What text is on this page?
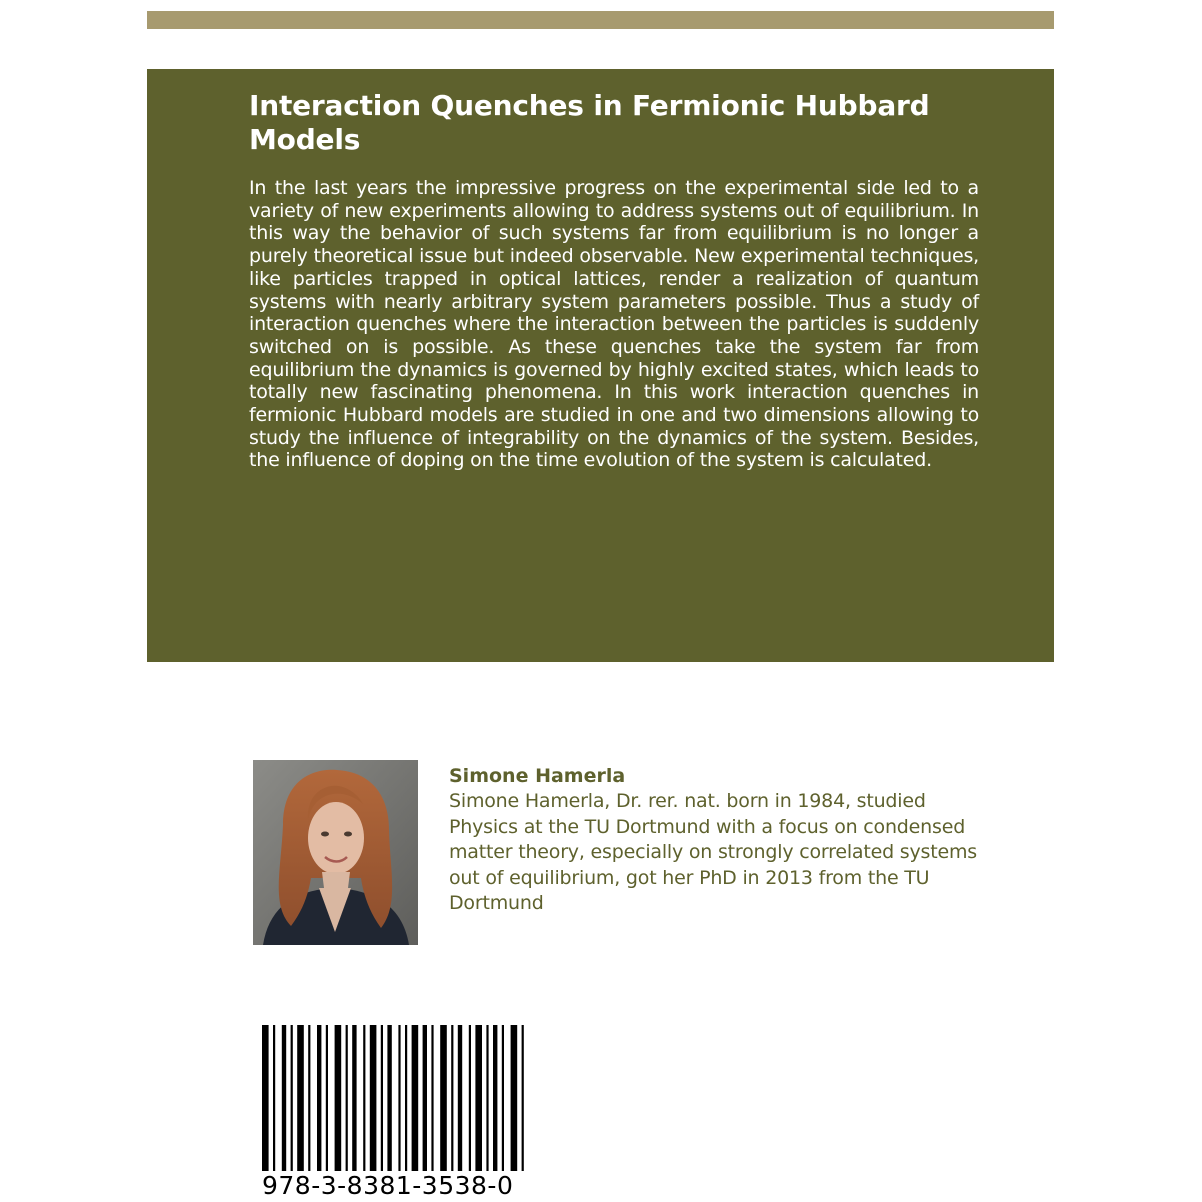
Interaction Quenches in Fermionic Hubbard Models

In the last years the impressive progress on the experimental side led to a variety of new experiments allowing to address systems out of equilibrium. In this way the behavior of such systems far from equilibrium is no longer a purely theoretical issue but indeed observable. New experimental techniques, like particles trapped in optical lattices, render a realization of quantum systems with nearly arbitrary system parameters possible. Thus a study of interaction quenches where the interaction between the particles is suddenly switched on is possible. As these quenches take the system far from equilibrium the dynamics is governed by highly excited states, which leads to totally new fascinating phenomena. In this work interaction quenches in fermionic Hubbard models are studied in one and two dimensions allowing to study the influence of integrability on the dynamics of the system. Besides, the influence of doping on the time evolution of the system is calculated.

Simone Hamerla

Simone Hamerla, Dr. rer. nat. born in 1984, studied Physics at the TU Dortmund with a focus on condensed matter theory, especially on strongly correlated systems out of equilibrium, got her PhD in 2013 from the TU Dortmund

978-3-8381-3538-0
